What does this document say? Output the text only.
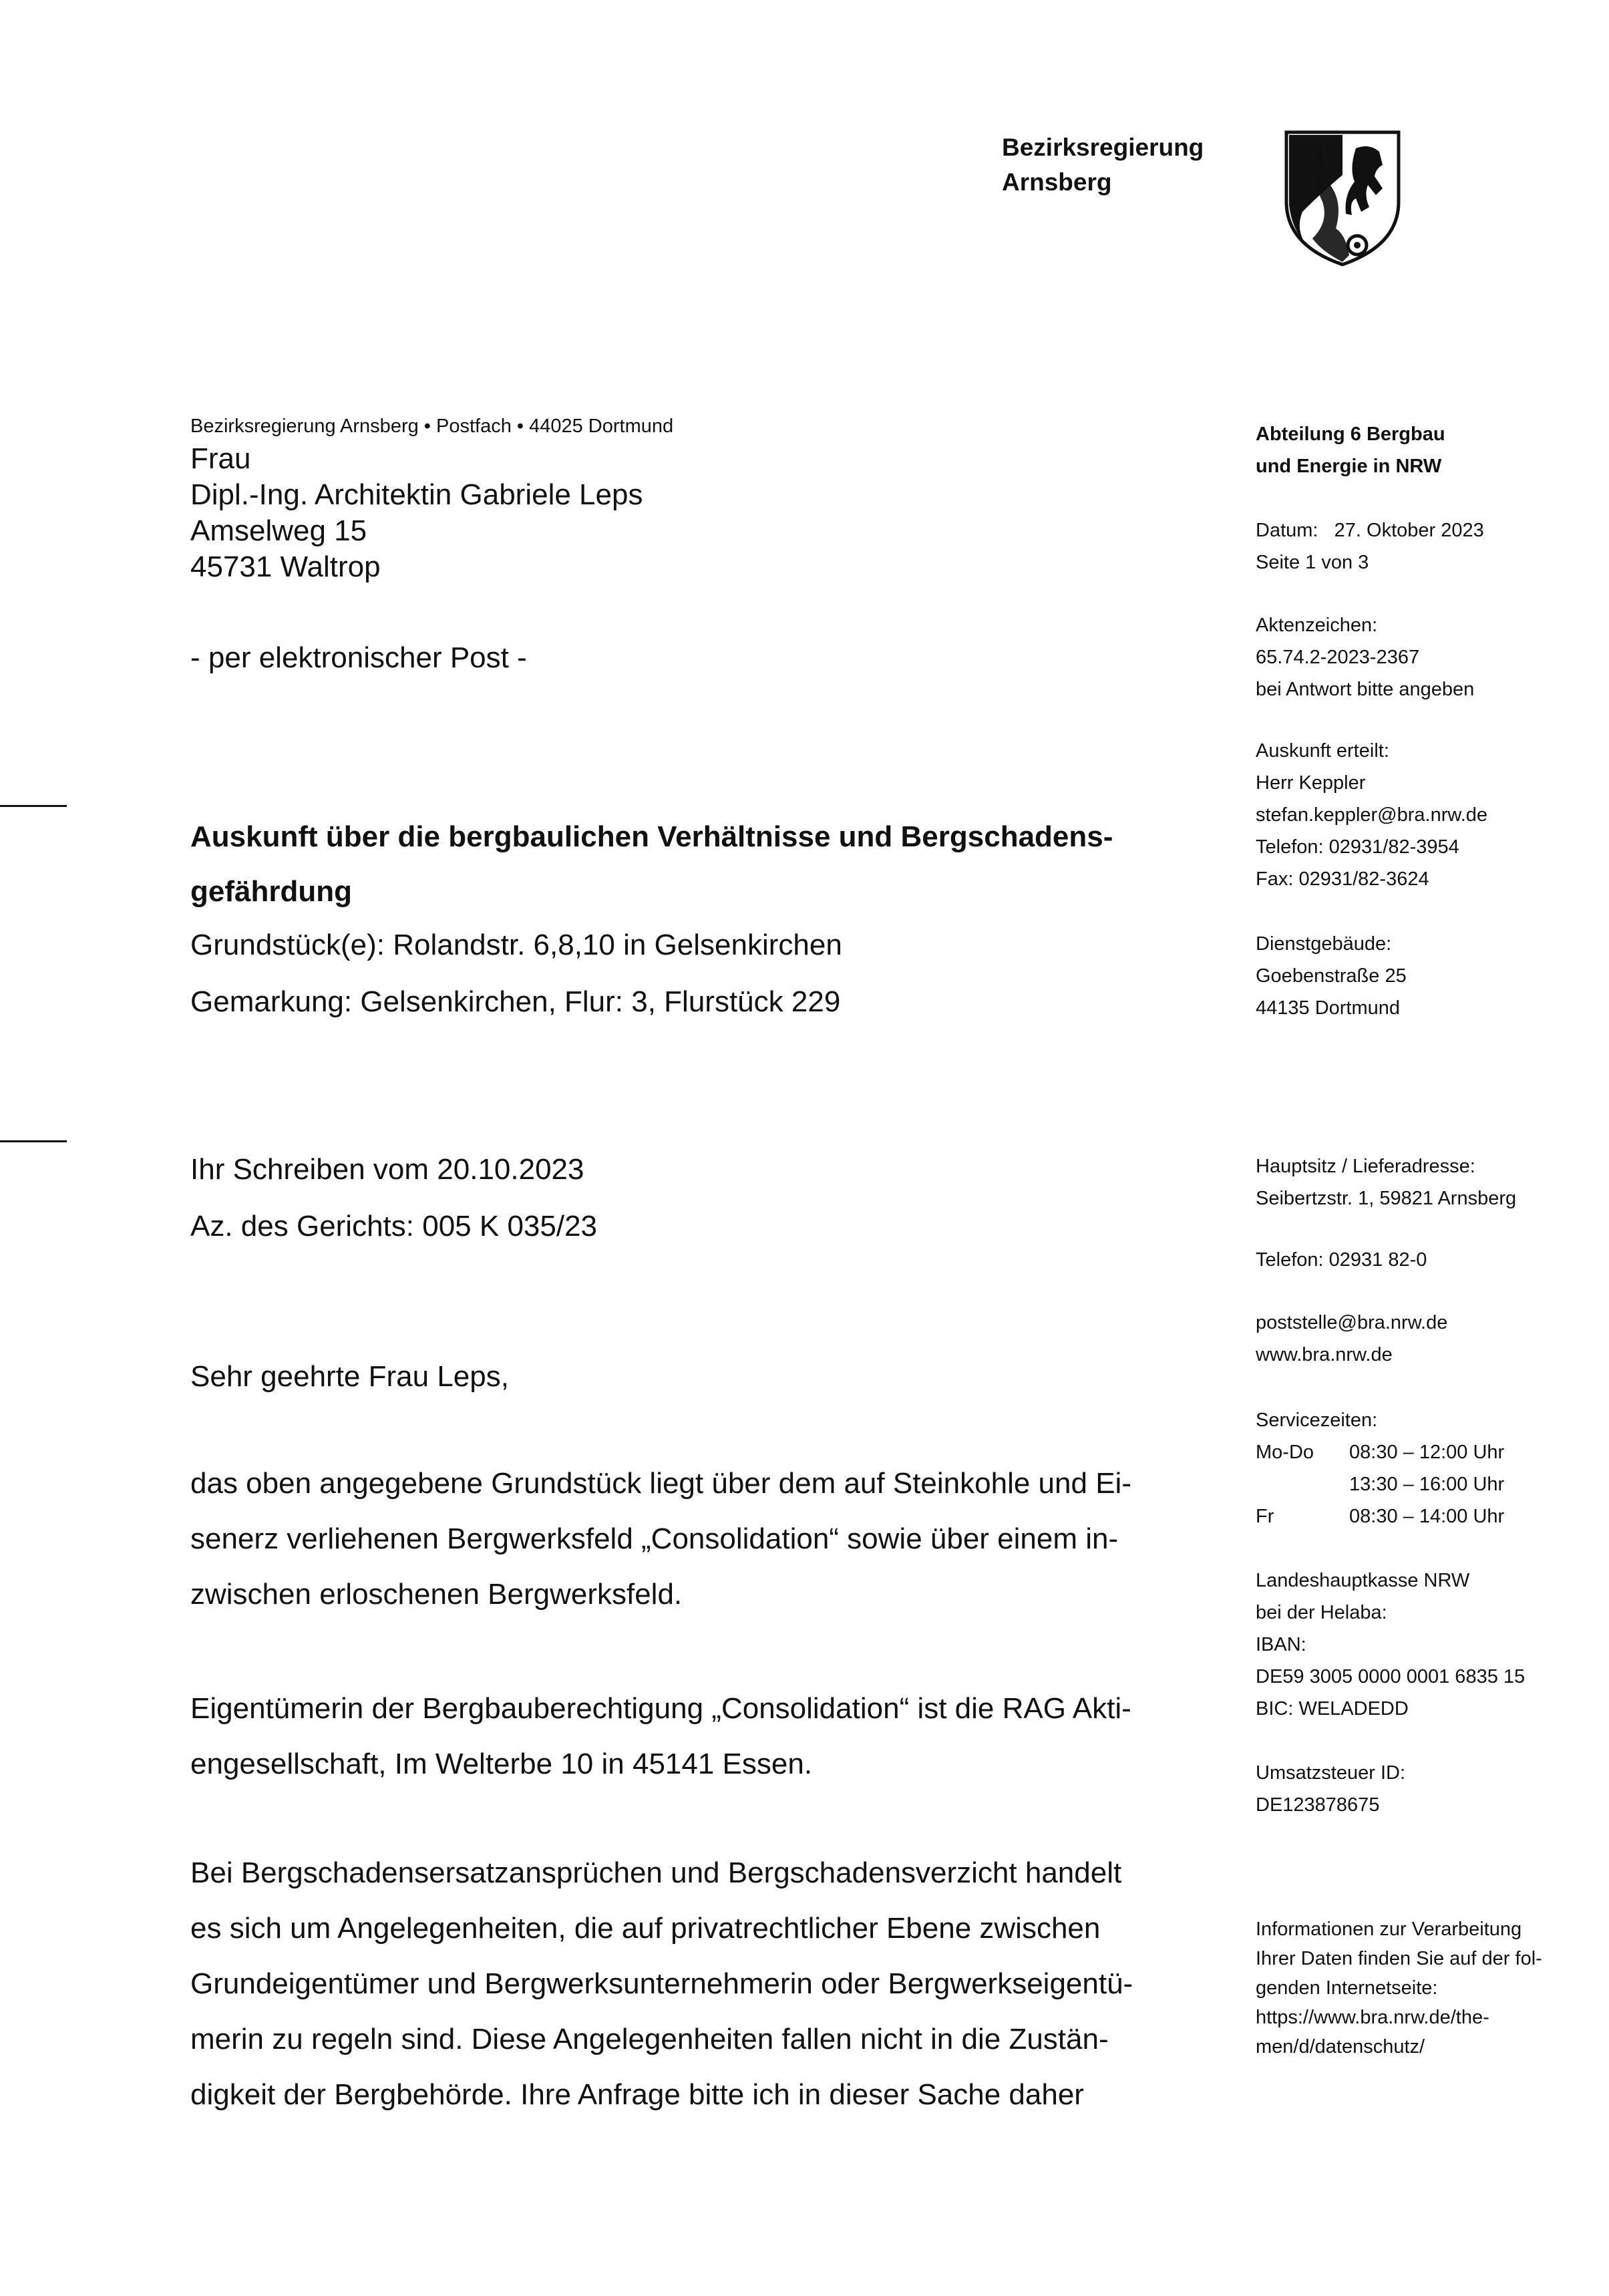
Bezirksregierung
Arnsberg
Bezirksregierung Arnsberg • Postfach • 44025 Dortmund
Frau
Dipl.-Ing. Architektin Gabriele Leps
Amselweg 15
45731 Waltrop
- per elektronischer Post -
Auskunft über die bergbaulichen Verhältnisse und Bergschadens-
gefährdung
Grundstück(e): Rolandstr. 6,8,10 in Gelsenkirchen
Gemarkung: Gelsenkirchen, Flur: 3, Flurstück 229
Ihr Schreiben vom 20.10.2023
Az. des Gerichts: 005 K 035/23
Sehr geehrte Frau Leps,
das oben angegebene Grundstück liegt über dem auf Steinkohle und Ei-
senerz verliehenen Bergwerksfeld „Consolidation“ sowie über einem in-
zwischen erloschenen Bergwerksfeld.
Eigentümerin der Bergbauberechtigung „Consolidation“ ist die RAG Akti-
engesellschaft, Im Welterbe 10 in 45141 Essen.
Bei Bergschadensersatzansprüchen und Bergschadensverzicht handelt
es sich um Angelegenheiten, die auf privatrechtlicher Ebene zwischen
Grundeigentümer und Bergwerksunternehmerin oder Bergwerkseigentü-
merin zu regeln sind. Diese Angelegenheiten fallen nicht in die Zustän-
digkeit der Bergbehörde. Ihre Anfrage bitte ich in dieser Sache daher
Abteilung 6 Bergbau
und Energie in NRW
Datum: 27. Oktober 2023
Seite 1 von 3
Aktenzeichen:
65.74.2-2023-2367
bei Antwort bitte angeben
Auskunft erteilt:
Herr Keppler
stefan.keppler@bra.nrw.de
Telefon: 02931/82-3954
Fax: 02931/82-3624
Dienstgebäude:
Goebenstraße 25
44135 Dortmund
Hauptsitz / Lieferadresse:
Seibertzstr. 1, 59821 Arnsberg
Telefon: 02931 82-0
poststelle@bra.nrw.de
www.bra.nrw.de
Servicezeiten:
Mo-Do 08:30 – 12:00 Uhr
13:30 – 16:00 Uhr
Fr	08:30 – 14:00 Uhr
Landeshauptkasse NRW
bei der Helaba:
IBAN:
DE59 3005 0000 0001 6835 15
BIC: WELADEDD
Umsatzsteuer ID:
DE123878675
Informationen zur Verarbeitung
Ihrer Daten finden Sie auf der fol-
genden Internetseite:
https://www.bra.nrw.de/the-
men/d/datenschutz/
